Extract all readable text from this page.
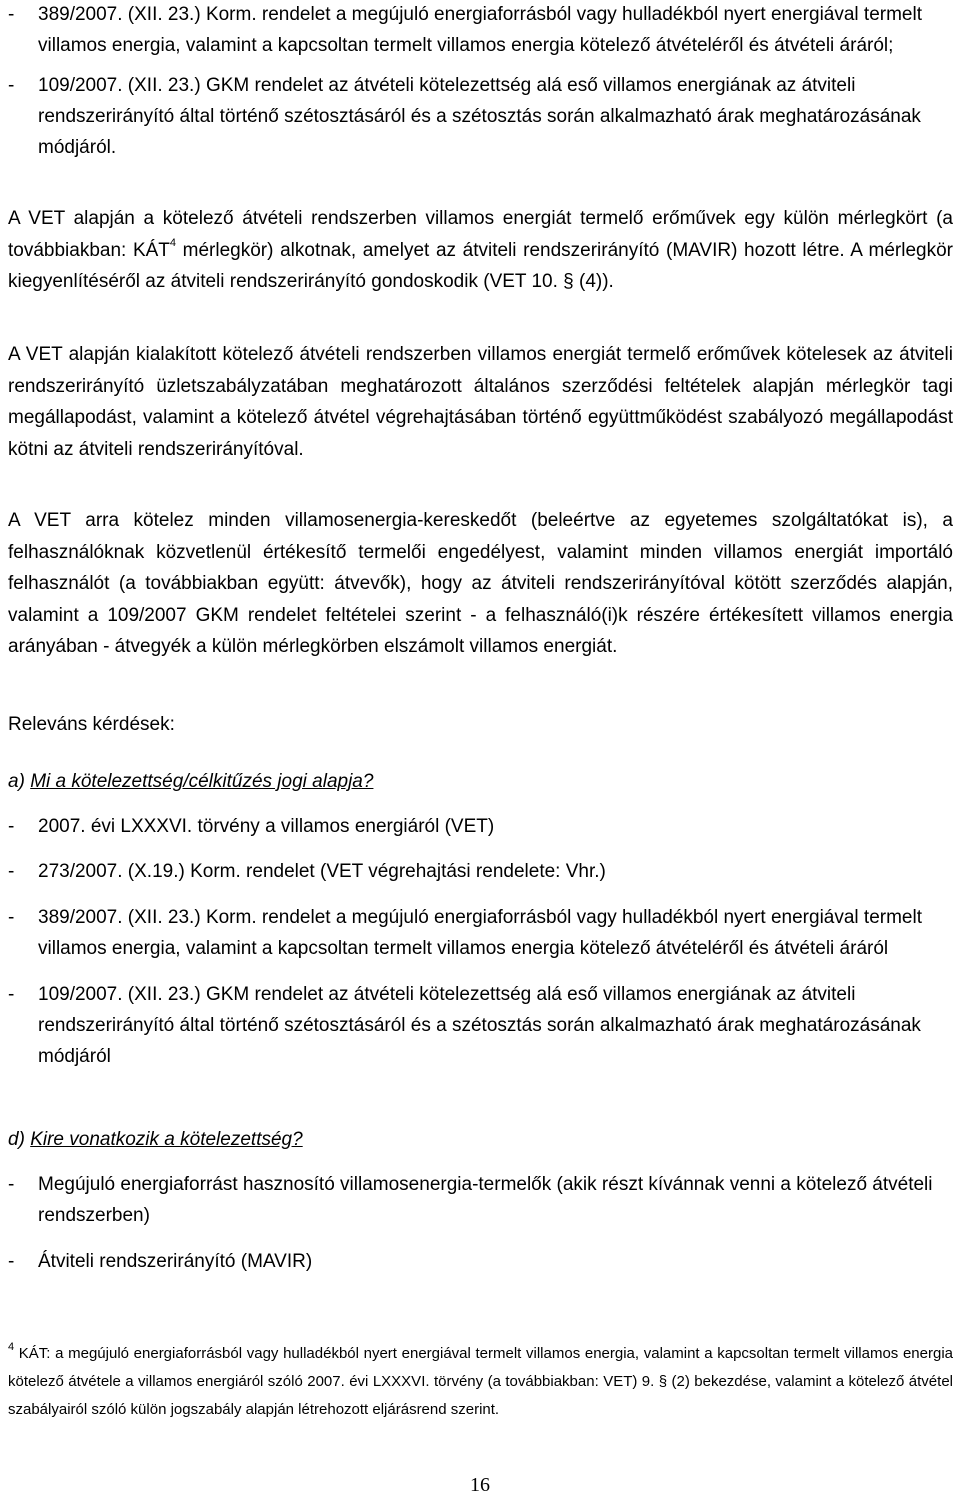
- 389/2007. (XII. 23.) Korm. rendelet a megújuló energiaforrásból vagy hulladékból nyert energiával termelt villamos energia, valamint a kapcsoltan termelt villamos energia kötelező átvételéről és átvételi áráról;
- 109/2007. (XII. 23.) GKM rendelet az átvételi kötelezettség alá eső villamos energiának az átviteli rendszerirányító által történő szétosztásáról és a szétosztás során alkalmazható árak meghatározásának módjáról.
A VET alapján a kötelező átvételi rendszerben villamos energiát termelő erőművek egy külön mérlegkört (a továbbiakban: KÁT$^4$ mérlegkör) alkotnak, amelyet az átviteli rendszerirányító (MAVIR) hozott létre. A mérlegkör kiegyenlítéséről az átviteli rendszerirányító gondoskodik (VET 10. § (4)).
A VET alapján kialakított kötelező átvételi rendszerben villamos energiát termelő erőművek kötelesek az átviteli rendszerirányító üzletszabályzatában meghatározott általános szerződési feltételek alapján mérlegkör tagi megállapodást, valamint a kötelező átvétel végrehajtásában történő együttműködést szabályozó megállapodást kötni az átviteli rendszerirányítóval.
A VET arra kötelez minden villamosenergia-kereskedőt (beleértve az egyetemes szolgáltatókat is), a felhasználóknak közvetlenül értékesítő termelői engedélyest, valamint minden villamos energiát importáló felhasználót (a továbbiakban együtt: átvevők), hogy az átviteli rendszerirányítóval kötött szerződés alapján, valamint a 109/2007 GKM rendelet feltételei szerint - a felhasználó(i)k részére értékesített villamos energia arányában - átvegyék a külön mérlegkörben elszámolt villamos energiát.
Releváns kérdések:
a) Mi a kötelezettség/célkitűzés jogi alapja?
- 2007. évi LXXXVI. törvény a villamos energiáról (VET)
- 273/2007. (X.19.) Korm. rendelet (VET végrehajtási rendelete: Vhr.)
- 389/2007. (XII. 23.) Korm. rendelet a megújuló energiaforrásból vagy hulladékból nyert energiával termelt villamos energia, valamint a kapcsoltan termelt villamos energia kötelező átvételéről és átvételi áráról
- 109/2007. (XII. 23.) GKM rendelet az átvételi kötelezettség alá eső villamos energiának az átviteli rendszerirányító által történő szétosztásáról és a szétosztás során alkalmazható árak meghatározásának módjáról
d) Kire vonatkozik a kötelezettség?
- Megújuló energiaforrást hasznosító villamosenergia-termelők (akik részt kívánnak venni a kötelező átvételi rendszerben)
- Átviteli rendszerirányító (MAVIR)
$^4$ KÁT: a megújuló energiaforrásból vagy hulladékból nyert energiával termelt villamos energia, valamint a kapcsoltan termelt villamos energia kötelező átvétele a villamos energiáról szóló 2007. évi LXXXVI. törvény (a továbbiakban: VET) 9. § (2) bekezdése, valamint a kötelező átvétel szabályairól szóló külön jogszabály alapján létrehozott eljárásrend szerint.
16
